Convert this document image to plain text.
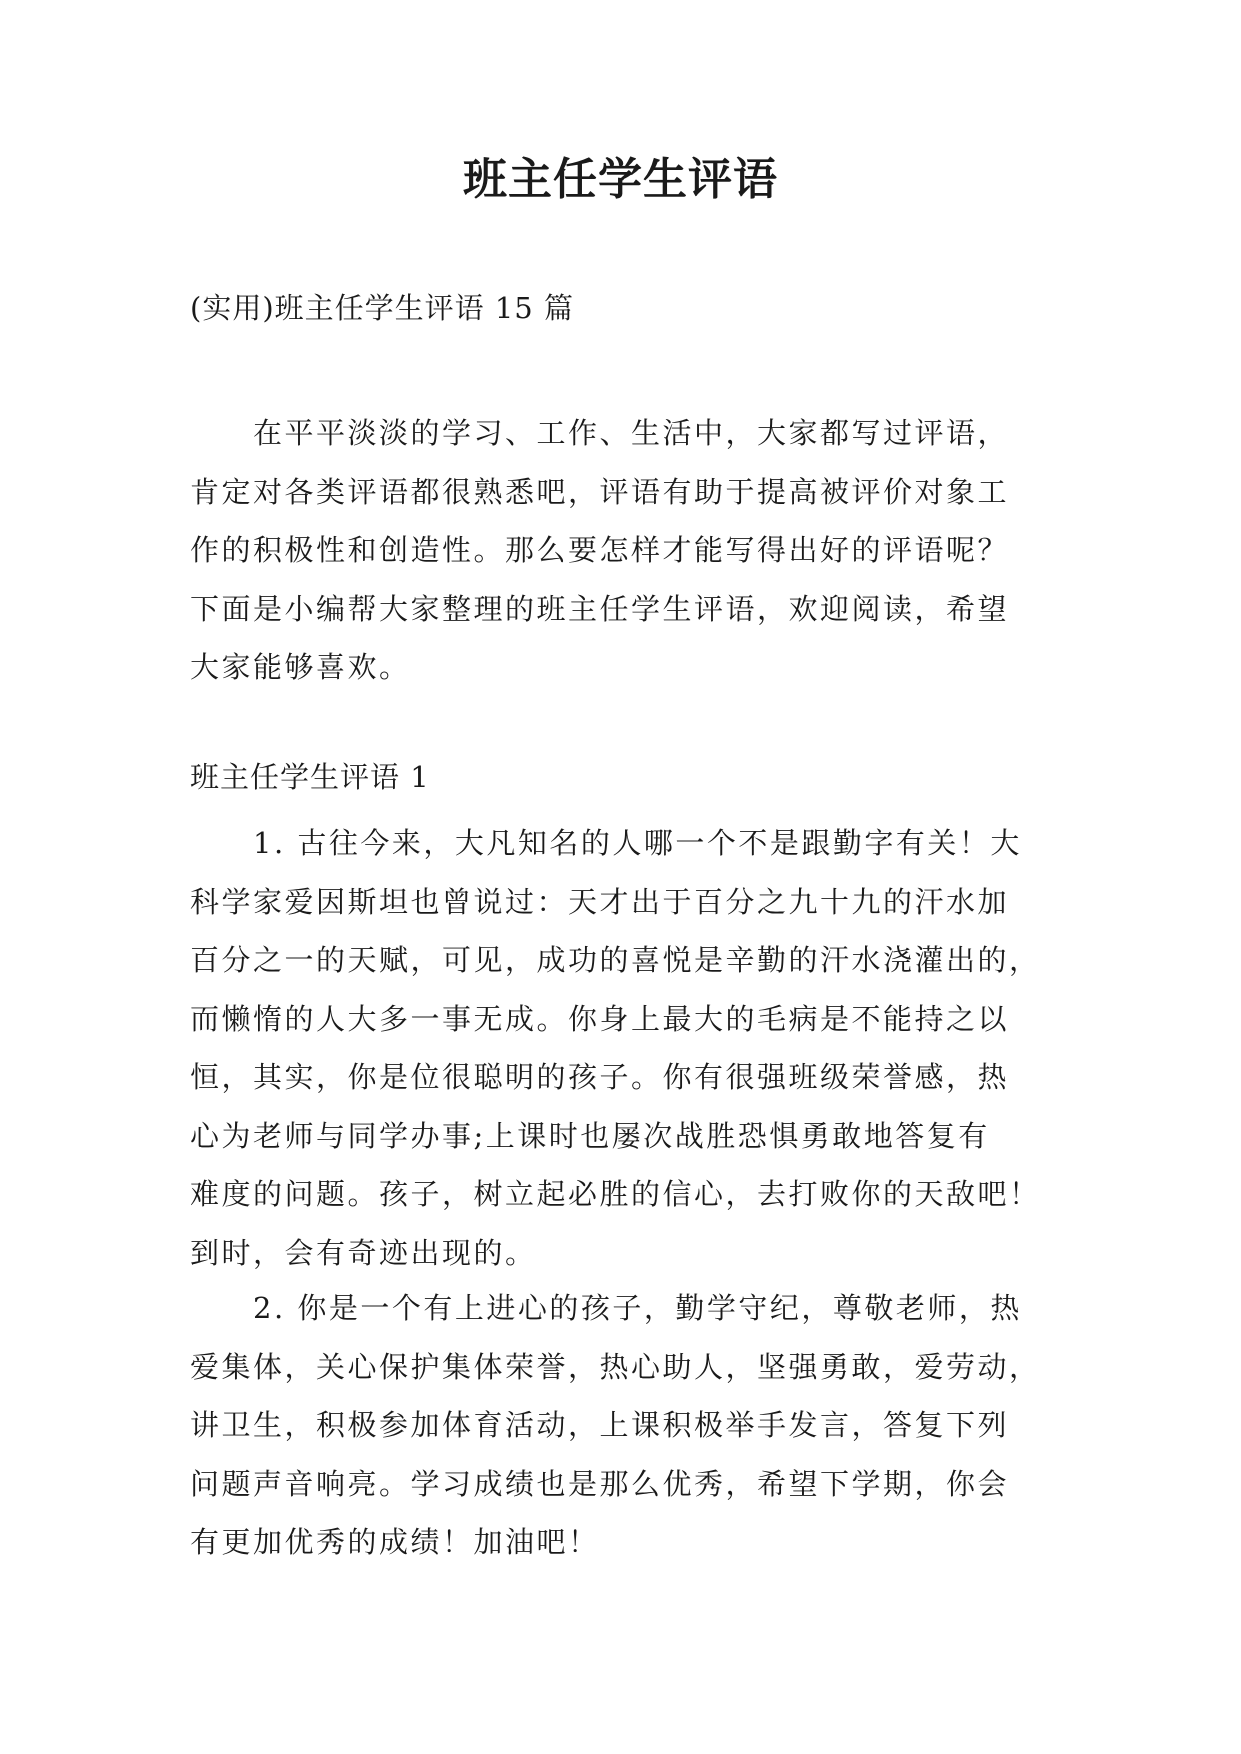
班主任学生评语

(实用)班主任学生评语 15 篇

　　在平平淡淡的学习、工作、生活中，大家都写过评语，
肯定对各类评语都很熟悉吧，评语有助于提高被评价对象工
作的积极性和创造性。那么要怎样才能写得出好的评语呢？
下面是小编帮大家整理的班主任学生评语，欢迎阅读，希望
大家能够喜欢。

班主任学生评语 1

　　1. 古往今来，大凡知名的人哪一个不是跟勤字有关！大
科学家爱因斯坦也曾说过：天才出于百分之九十九的汗水加
百分之一的天赋，可见，成功的喜悦是辛勤的汗水浇灌出的，
而懒惰的人大多一事无成。你身上最大的毛病是不能持之以
恒，其实，你是位很聪明的孩子。你有很强班级荣誉感，热
心为老师与同学办事;上课时也屡次战胜恐惧勇敢地答复有
难度的问题。孩子，树立起必胜的信心，去打败你的天敌吧！
到时，会有奇迹出现的。
　　2. 你是一个有上进心的孩子，勤学守纪，尊敬老师，热
爱集体，关心保护集体荣誉，热心助人，坚强勇敢，爱劳动，
讲卫生，积极参加体育活动，上课积极举手发言，答复下列
问题声音响亮。学习成绩也是那么优秀，希望下学期，你会
有更加优秀的成绩！加油吧！
